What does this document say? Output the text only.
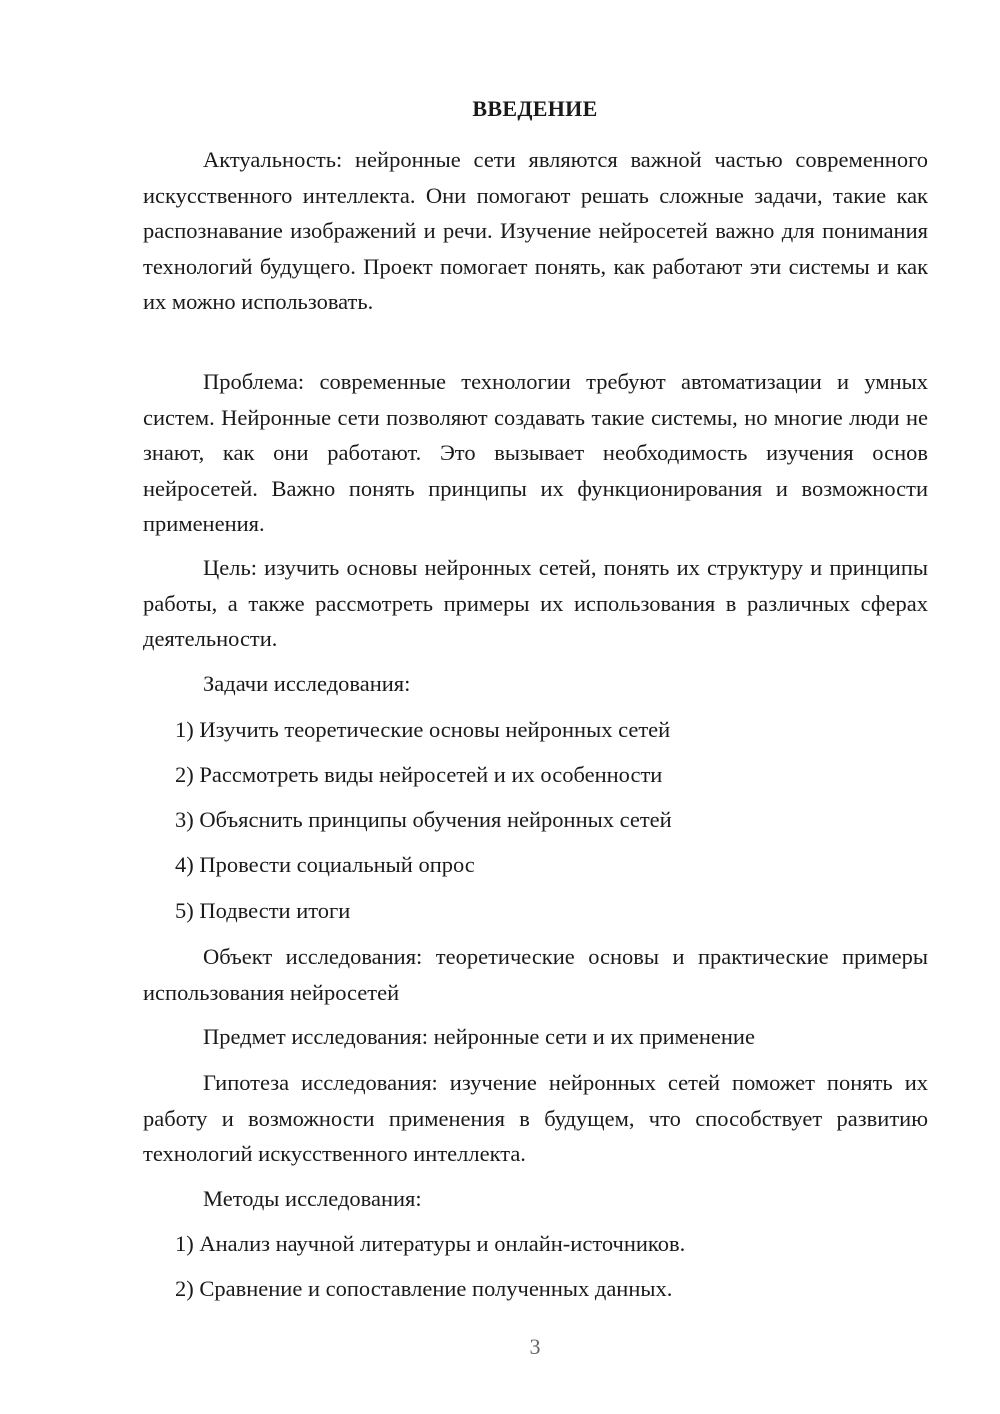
ВВЕДЕНИЕ

Актуальность: нейронные сети являются важной частью современного искусственного интеллекта. Они помогают решать сложные задачи, такие как распознавание изображений и речи. Изучение нейросетей важно для понимания технологий будущего. Проект помогает понять, как работают эти системы и как их можно использовать.

Проблема: современные технологии требуют автоматизации и умных систем. Нейронные сети позволяют создавать такие системы, но многие люди не знают, как они работают. Это вызывает необходимость изучения основ нейросетей. Важно понять принципы их функционирования и возможности применения.

Цель: изучить основы нейронных сетей, понять их структуру и принципы работы, а также рассмотреть примеры их использования в различных сферах деятельности.

Задачи исследования:

1) Изучить теоретические основы нейронных сетей
2) Рассмотреть виды нейросетей и их особенности
3) Объяснить принципы обучения нейронных сетей
4) Провести социальный опрос
5) Подвести итоги

Объект исследования: теоретические основы и практические примеры использования нейросетей

Предмет исследования: нейронные сети и их применение

Гипотеза исследования: изучение нейронных сетей поможет понять их работу и возможности применения в будущем, что способствует развитию технологий искусственного интеллекта.

Методы исследования:

1) Анализ научной литературы и онлайн-источников.
2) Сравнение и сопоставление полученных данных.
3
